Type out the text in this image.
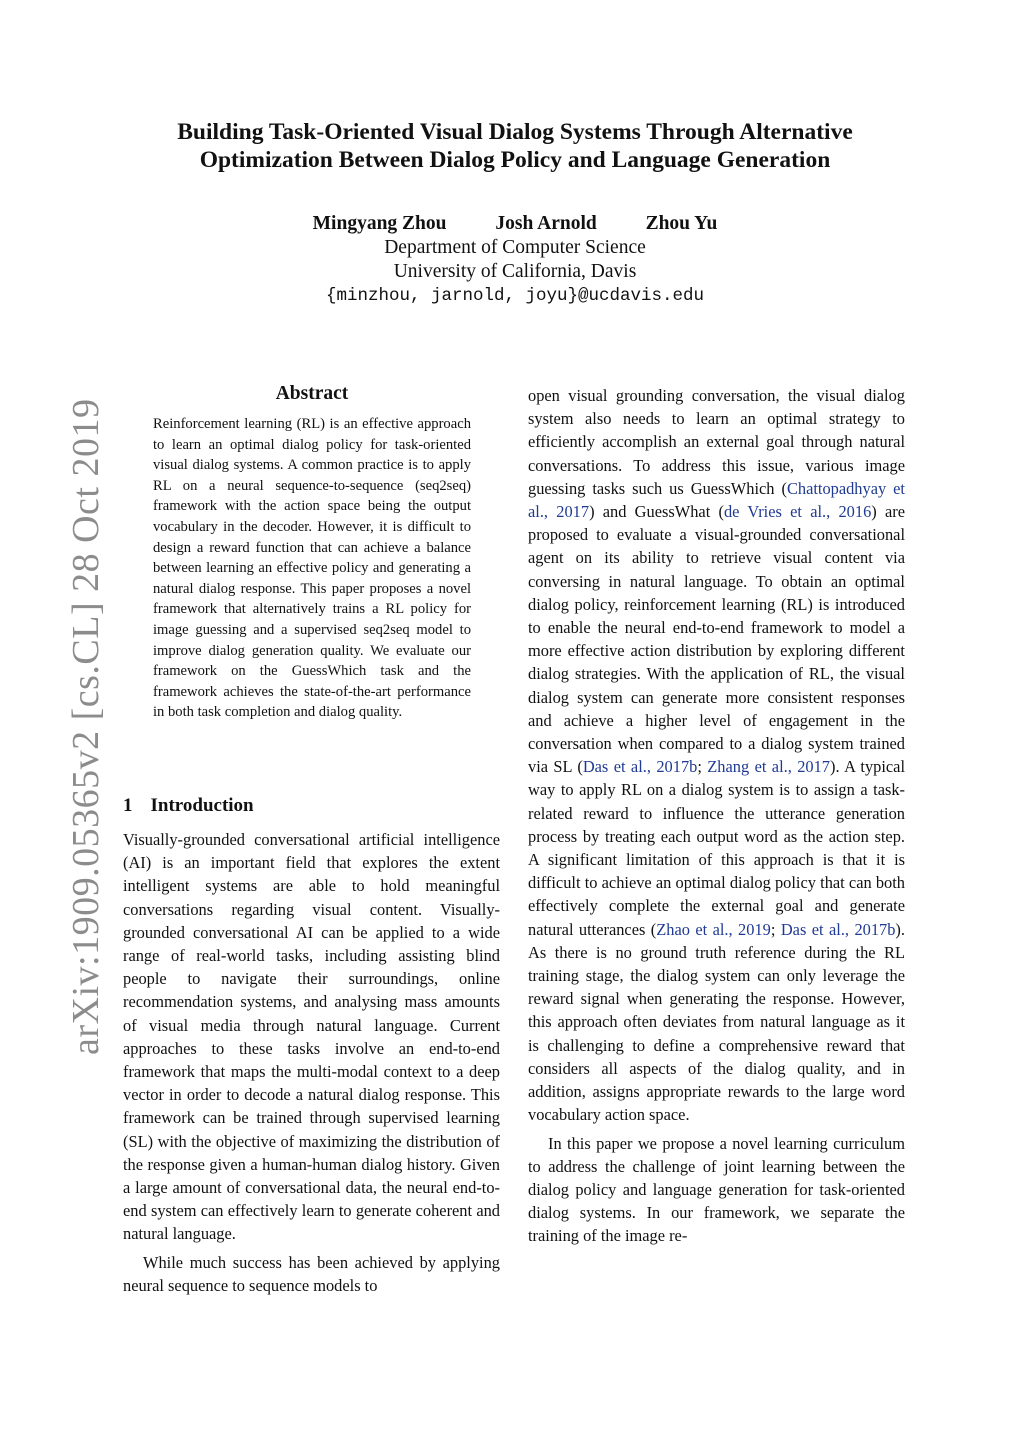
arXiv:1909.05365v2 [cs.CL] 28 Oct 2019
Building Task-Oriented Visual Dialog Systems Through Alternative
Optimization Between Dialog Policy and Language Generation
Mingyang Zhou	Josh Arnold	Zhou Yu
Department of Computer Science
University of California, Davis
{minzhou, jarnold, joyu}@ucdavis.edu
Abstract
Reinforcement learning (RL) is an effective approach to learn an optimal dialog policy for task-oriented visual dialog systems. A common practice is to apply RL on a neural sequence-to-sequence (seq2seq) framework with the action space being the output vocabulary in the decoder. However, it is difficult to design a reward function that can achieve a balance between learning an effective policy and generating a natural dialog response. This paper proposes a novel framework that alternatively trains a RL policy for image guessing and a supervised seq2seq model to improve dialog generation quality. We evaluate our framework on the GuessWhich task and the framework achieves the state-of-the-art performance in both task completion and dialog quality.
1 Introduction

Visually-grounded conversational artificial intelligence (AI) is an important field that explores the extent intelligent systems are able to hold meaningful conversations regarding visual content. Visually-grounded conversational AI can be applied to a wide range of real-world tasks, including assisting blind people to navigate their surroundings, online recommendation systems, and analysing mass amounts of visual media through natural language. Current approaches to these tasks involve an end-to-end framework that maps the multi-modal context to a deep vector in order to decode a natural dialog response. This framework can be trained through supervised learning (SL) with the objective of maximizing the distribution of the response given a human-human dialog history. Given a large amount of conversational data, the neural end-to-end system can effectively learn to generate coherent and natural language.

While much success has been achieved by applying neural sequence to sequence models to

open visual grounding conversation, the visual dialog system also needs to learn an optimal strategy to efficiently accomplish an external goal through natural conversations. To address this issue, various image guessing tasks such us GuessWhich (Chattopadhyay et al., 2017) and GuessWhat (de Vries et al., 2016) are proposed to evaluate a visual-grounded conversational agent on its ability to retrieve visual content via conversing in natural language. To obtain an optimal dialog policy, reinforcement learning (RL) is introduced to enable the neural end-to-end framework to model a more effective action distribution by exploring different dialog strategies. With the application of RL, the visual dialog system can generate more consistent responses and achieve a higher level of engagement in the conversation when compared to a dialog system trained via SL (Das et al., 2017b; Zhang et al., 2017). A typical way to apply RL on a dialog system is to assign a task-related reward to influence the utterance generation process by treating each output word as the action step. A significant limitation of this approach is that it is difficult to achieve an optimal dialog policy that can both effectively complete the external goal and generate natural utterances (Zhao et al., 2019; Das et al., 2017b). As there is no ground truth reference during the RL training stage, the dialog system can only leverage the reward signal when generating the response. However, this approach often deviates from natural language as it is challenging to define a comprehensive reward that considers all aspects of the dialog quality, and in addition, assigns appropriate rewards to the large word vocabulary action space.

In this paper we propose a novel learning curriculum to address the challenge of joint learning between the dialog policy and language generation for task-oriented dialog systems. In our framework, we separate the training of the image re-
